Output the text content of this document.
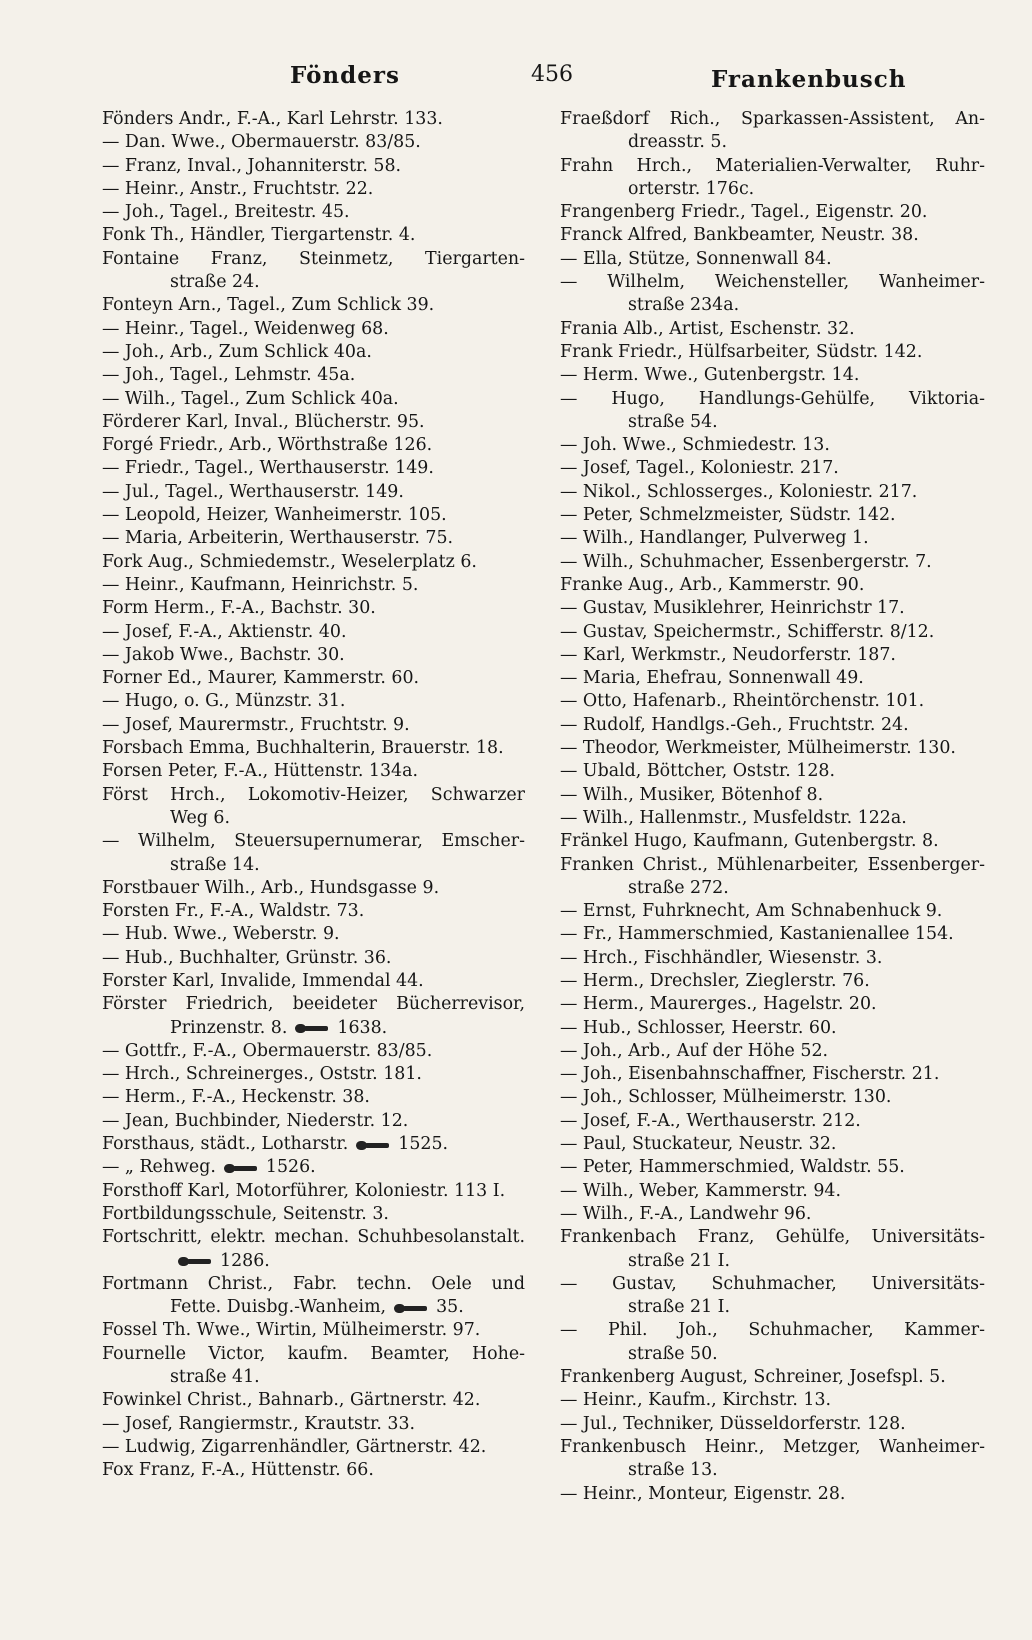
Fönders	456	Frankenbusch
Fönders Andr., F.-A., Karl Lehrstr. 133.
— Dan. Wwe., Obermauerstr. 83/85.
— Franz, Inval., Johanniterstr. 58.
— Heinr., Anstr., Fruchtstr. 22.
— Joh., Tagel., Breitestr. 45.
Fonk Th., Händler, Tiergartenstr. 4.
Fontaine Franz, Steinmetz, Tiergarten-
straße 24.
Fonteyn Arn., Tagel., Zum Schlick 39.
— Heinr., Tagel., Weidenweg 68.
— Joh., Arb., Zum Schlick 40a.
— Joh., Tagel., Lehmstr. 45a.
— Wilh., Tagel., Zum Schlick 40a.
Förderer Karl, Inval., Blücherstr. 95.
Forgé Friedr., Arb., Wörthstraße 126.
— Friedr., Tagel., Werthauserstr. 149.
— Jul., Tagel., Werthauserstr. 149.
— Leopold, Heizer, Wanheimerstr. 105.
— Maria, Arbeiterin, Werthauserstr. 75.
Fork Aug., Schmiedemstr., Weselerplatz 6.
— Heinr., Kaufmann, Heinrichstr. 5.
Form Herm., F.-A., Bachstr. 30.
— Josef, F.-A., Aktienstr. 40.
— Jakob Wwe., Bachstr. 30.
Forner Ed., Maurer, Kammerstr. 60.
— Hugo, o. G., Münzstr. 31.
— Josef, Maurermstr., Fruchtstr. 9.
Forsbach Emma, Buchhalterin, Brauerstr. 18.
Forsen Peter, F.-A., Hüttenstr. 134a.
Först Hrch., Lokomotiv-Heizer, Schwarzer
Weg 6.
— Wilhelm, Steuersupernumerar, Emscher-
straße 14.
Forstbauer Wilh., Arb., Hundsgasse 9.
Forsten Fr., F.-A., Waldstr. 73.
— Hub. Wwe., Weberstr. 9.
— Hub., Buchhalter, Grünstr. 36.
Forster Karl, Invalide, Immendal 44.
Förster Friedrich, beeideter Bücherrevisor,
Prinzenstr. 8.	1638.
— Gottfr., F.-A., Obermauerstr. 83/85.
— Hrch., Schreinerges., Oststr. 181.
— Herm., F.-A., Heckenstr. 38.
— Jean, Buchbinder, Niederstr. 12.
Forsthaus, städt., Lotharstr.	1525.
— „ Rehweg.	1526.
Forsthoff Karl, Motorführer, Koloniestr. 113 I.
Fortbildungsschule, Seitenstr. 3.
Fortschritt, elektr. mechan. Schuhbesolanstalt.
1286.
Fortmann Christ., Fabr. techn. Oele und
Fette. Duisbg.-Wanheim,	35.
Fossel Th. Wwe., Wirtin, Mülheimerstr. 97.
Fournelle Victor, kaufm. Beamter, Hohe-
straße 41.
Fowinkel Christ., Bahnarb., Gärtnerstr. 42.
— Josef, Rangiermstr., Krautstr. 33.
— Ludwig, Zigarrenhändler, Gärtnerstr. 42.
Fox Franz, F.-A., Hüttenstr. 66.
Fraeßdorf Rich., Sparkassen-Assistent, An-
dreasstr. 5.
Frahn Hrch., Materialien-Verwalter, Ruhr-
orterstr. 176c.
Frangenberg Friedr., Tagel., Eigenstr. 20.
Franck Alfred, Bankbeamter, Neustr. 38.
— Ella, Stütze, Sonnenwall 84.
— Wilhelm, Weichensteller, Wanheimer-
straße 234a.
Frania Alb., Artist, Eschenstr. 32.
Frank Friedr., Hülfsarbeiter, Südstr. 142.
— Herm. Wwe., Gutenbergstr. 14.
— Hugo, Handlungs-Gehülfe, Viktoria-
straße 54.
— Joh. Wwe., Schmiedestr. 13.
— Josef, Tagel., Koloniestr. 217.
— Nikol., Schlosserges., Koloniestr. 217.
— Peter, Schmelzmeister, Südstr. 142.
— Wilh., Handlanger, Pulverweg 1.
— Wilh., Schuhmacher, Essenbergerstr. 7.
Franke Aug., Arb., Kammerstr. 90.
— Gustav, Musiklehrer, Heinrichstr 17.
— Gustav, Speichermstr., Schifferstr. 8/12.
— Karl, Werkmstr., Neudorferstr. 187.
— Maria, Ehefrau, Sonnenwall 49.
— Otto, Hafenarb., Rheintörchenstr. 101.
— Rudolf, Handlgs.-Geh., Fruchtstr. 24.
— Theodor, Werkmeister, Mülheimerstr. 130.
— Ubald, Böttcher, Oststr. 128.
— Wilh., Musiker, Bötenhof 8.
— Wilh., Hallenmstr., Musfeldstr. 122a.
Fränkel Hugo, Kaufmann, Gutenbergstr. 8.
Franken Christ., Mühlenarbeiter, Essenberger-
straße 272.
— Ernst, Fuhrknecht, Am Schnabenhuck 9.
— Fr., Hammerschmied, Kastanienallee 154.
— Hrch., Fischhändler, Wiesenstr. 3.
— Herm., Drechsler, Zieglerstr. 76.
— Herm., Maurerges., Hagelstr. 20.
— Hub., Schlosser, Heerstr. 60.
— Joh., Arb., Auf der Höhe 52.
— Joh., Eisenbahnschaffner, Fischerstr. 21.
— Joh., Schlosser, Mülheimerstr. 130.
— Josef, F.-A., Werthauserstr. 212.
— Paul, Stuckateur, Neustr. 32.
— Peter, Hammerschmied, Waldstr. 55.
— Wilh., Weber, Kammerstr. 94.
— Wilh., F.-A., Landwehr 96.
Frankenbach Franz, Gehülfe, Universitäts-
straße 21 I.
— Gustav, Schuhmacher, Universitäts-
straße 21 I.
— Phil. Joh., Schuhmacher, Kammer-
straße 50.
Frankenberg August, Schreiner, Josefspl. 5.
— Heinr., Kaufm., Kirchstr. 13.
— Jul., Techniker, Düsseldorferstr. 128.
Frankenbusch Heinr., Metzger, Wanheimer-
straße 13.
— Heinr., Monteur, Eigenstr. 28.
